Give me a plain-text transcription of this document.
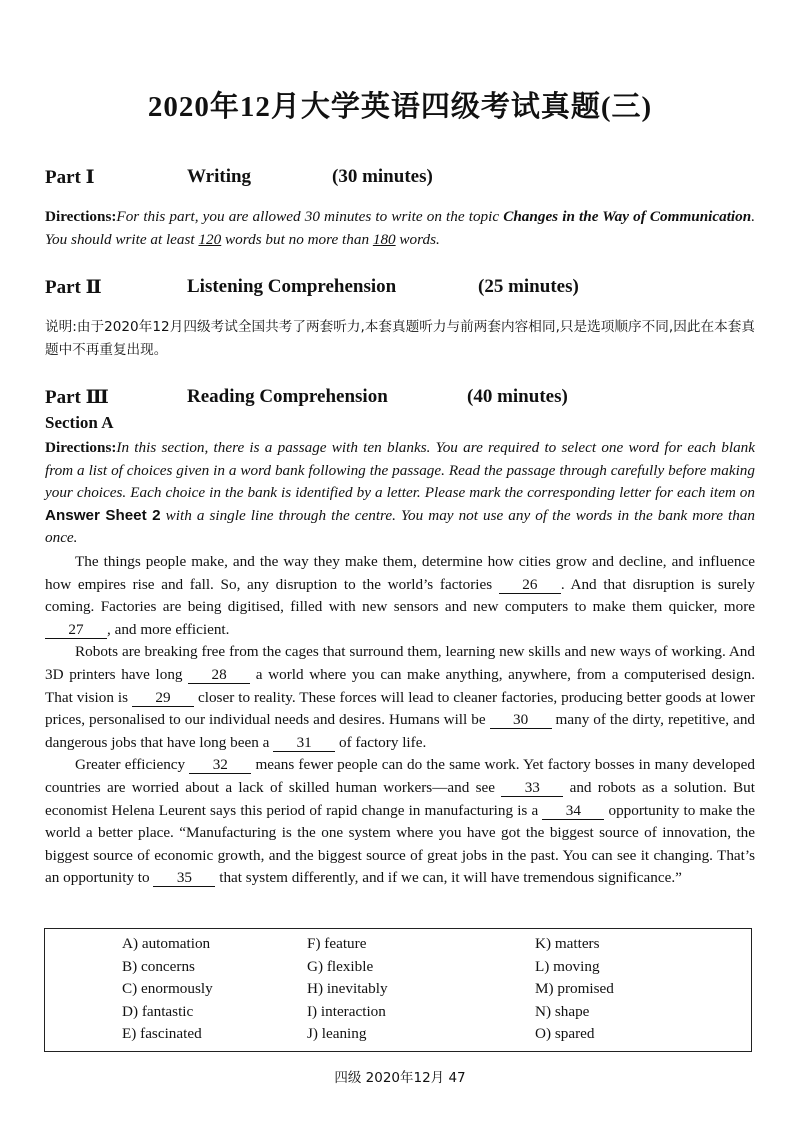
2020年12月大学英语四级考试真题(三)
Part Ⅰ	Writing	(30 minutes)
Directions:For this part, you are allowed 30 minutes to write on the topic Changes in the Way of Communication. You should write at least 120 words but no more than 180 words.
Part Ⅱ	Listening Comprehension	(25 minutes)
说明:由于2020年12月四级考试全国共考了两套听力,本套真题听力与前两套内容相同,只是选项顺序不同,因此在本套真题中不再重复出现。
Part Ⅲ	Reading Comprehension	(40 minutes)
Section A
Directions:In this section, there is a passage with ten blanks. You are required to select one word for each blank from a list of choices given in a word bank following the passage. Read the passage through carefully before making your choices. Each choice in the bank is identified by a letter. Please mark the corresponding letter for each item on Answer Sheet 2 with a single line through the centre. You may not use any of the words in the bank more than once.
The things people make, and the way they make them, determine how cities grow and decline, and influence how empires rise and fall. So, any disruption to the world’s factories 26 . And that disruption is surely coming. Factories are being digitised, filled with new sensors and new computers to make them quicker, more 27 , and more efficient.
Robots are breaking free from the cages that surround them, learning new skills and new ways of working. And 3D printers have long 28 a world where you can make anything, anywhere, from a computerised design. That vision is 29 closer to reality. These forces will lead to cleaner factories, producing better goods at lower prices, personalised to our individual needs and desires. Humans will be 30 many of the dirty, repetitive, and dangerous jobs that have long been a 31 of factory life.
Greater efficiency 32 means fewer people can do the same work. Yet factory bosses in many developed countries are worried about a lack of skilled human workers—and see 33 and robots as a solution. But economist Helena Leurent says this period of rapid change in manufacturing is a 34 opportunity to make the world a better place. “Manufacturing is the one system where you have got the biggest source of innovation, the biggest source of economic growth, and the biggest source of great jobs in the past. You can see it changing. That’s an opportunity to 35 that system differently, and if we can, it will have tremendous significance.”
A) automation
B) concerns
C) enormously
D) fantastic
E) fascinated
F) feature
G) flexible
H) inevitably
I) interaction
J) leaning
K) matters
L) moving
M) promised
N) shape
O) spared
四级 2020年12月 47
